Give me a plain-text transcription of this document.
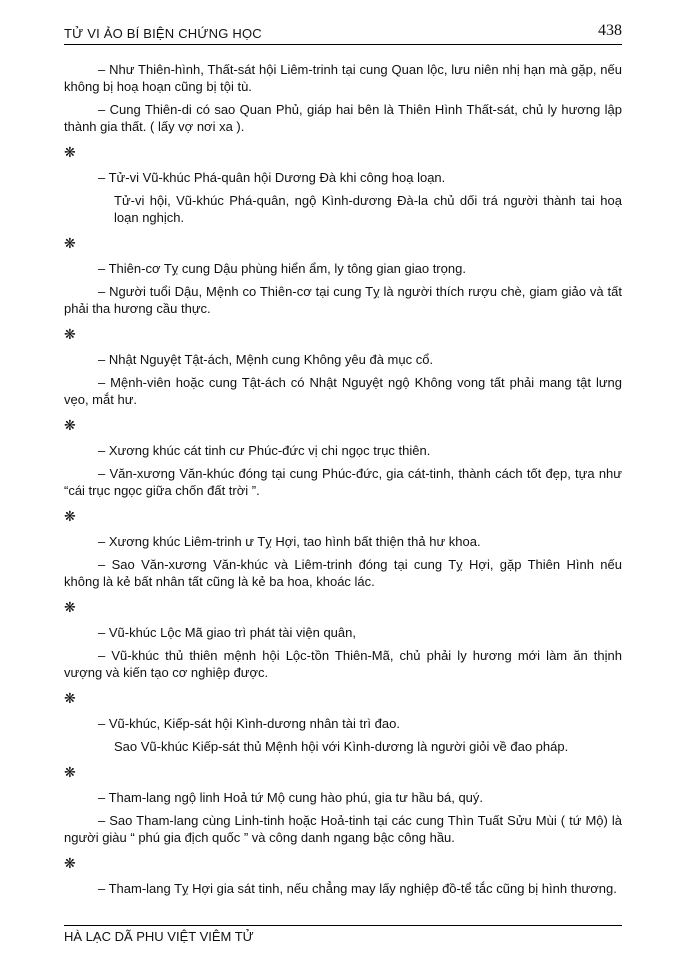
TỬ VI ẢO BÍ BIỆN CHỨNG HỌC	438

– Như Thiên-hình, Thất-sát hội Liêm-trinh tại cung Quan lộc, lưu niên nhị hạn mà gặp, nếu không bị hoạ hoạn cũng bị tội tù.

– Cung Thiên-di có sao Quan Phủ, giáp hai bên là Thiên Hình Thất-sát, chủ ly hương lập thành gia thất. ( lấy vợ nơi xa ).

❋

– Tử-vi Vũ-khúc Phá-quân hội Dương Đà khi công hoạ loạn.

Tử-vi hội, Vũ-khúc Phá-quân, ngộ Kình-dương Đà-la chủ dối trá người thành tai hoạ loạn nghịch.

❋

– Thiên-cơ Tỵ cung Dậu phùng hiển ẩm, ly tông gian giao trọng.

– Người tuổi Dậu, Mệnh co Thiên-cơ tại cung Tỵ là người thích rượu chè, giam giảo và tất phải tha hương cầu thực.

❋

– Nhật Nguyệt Tật-ách, Mệnh cung Không yêu đà mục cổ.

– Mệnh-viên hoặc cung Tật-ách có Nhật Nguyệt ngộ Không vong tất phải mang tật lưng vẹo, mắt hư.

❋

– Xương khúc cát tinh cư Phúc-đức vị chi ngọc trục thiên.

– Văn-xương Văn-khúc đóng tại cung Phúc-đức, gia cát-tinh, thành cách tốt đẹp, tựa như “cái trục ngọc giữa chốn đất trời ”.

❋

– Xương khúc Liêm-trinh ư Tỵ Hợi, tao hình bất thiện thả hư khoa.

– Sao Văn-xương Văn-khúc và Liêm-trinh đóng tại cung Tỵ Hợi, gặp Thiên Hình nếu không là kẻ bất nhân tất cũng là kẻ ba hoa, khoác lác.

❋

– Vũ-khúc Lộc Mã giao trì phát tài viện quân,

– Vũ-khúc thủ thiên mệnh hội Lộc-tồn Thiên-Mã, chủ phải ly hương mới làm ăn thịnh vượng và kiến tạo cơ nghiệp được.

❋

– Vũ-khúc, Kiếp-sát hội Kình-dương nhân tài trì đao.

Sao Vũ-khúc Kiếp-sát thủ Mệnh hội với Kình-dương là người giỏi về đao pháp.

❋

– Tham-lang ngộ linh Hoả tứ Mộ cung hào phú, gia tư hầu bá, quý.

– Sao Tham-lang cùng Linh-tinh hoặc Hoả-tinh tại các cung Thìn Tuất Sửu Mùi ( tứ Mộ) là người giàu “ phú gia địch quốc ” và công danh ngang bậc công hầu.

❋

– Tham-lang Tỵ Hợi gia sát tinh, nếu chẳng may lấy nghiệp đồ-tể tắc cũng bị hình thương.

HÀ LẠC DÃ PHU VIỆT VIÊM TỬ
